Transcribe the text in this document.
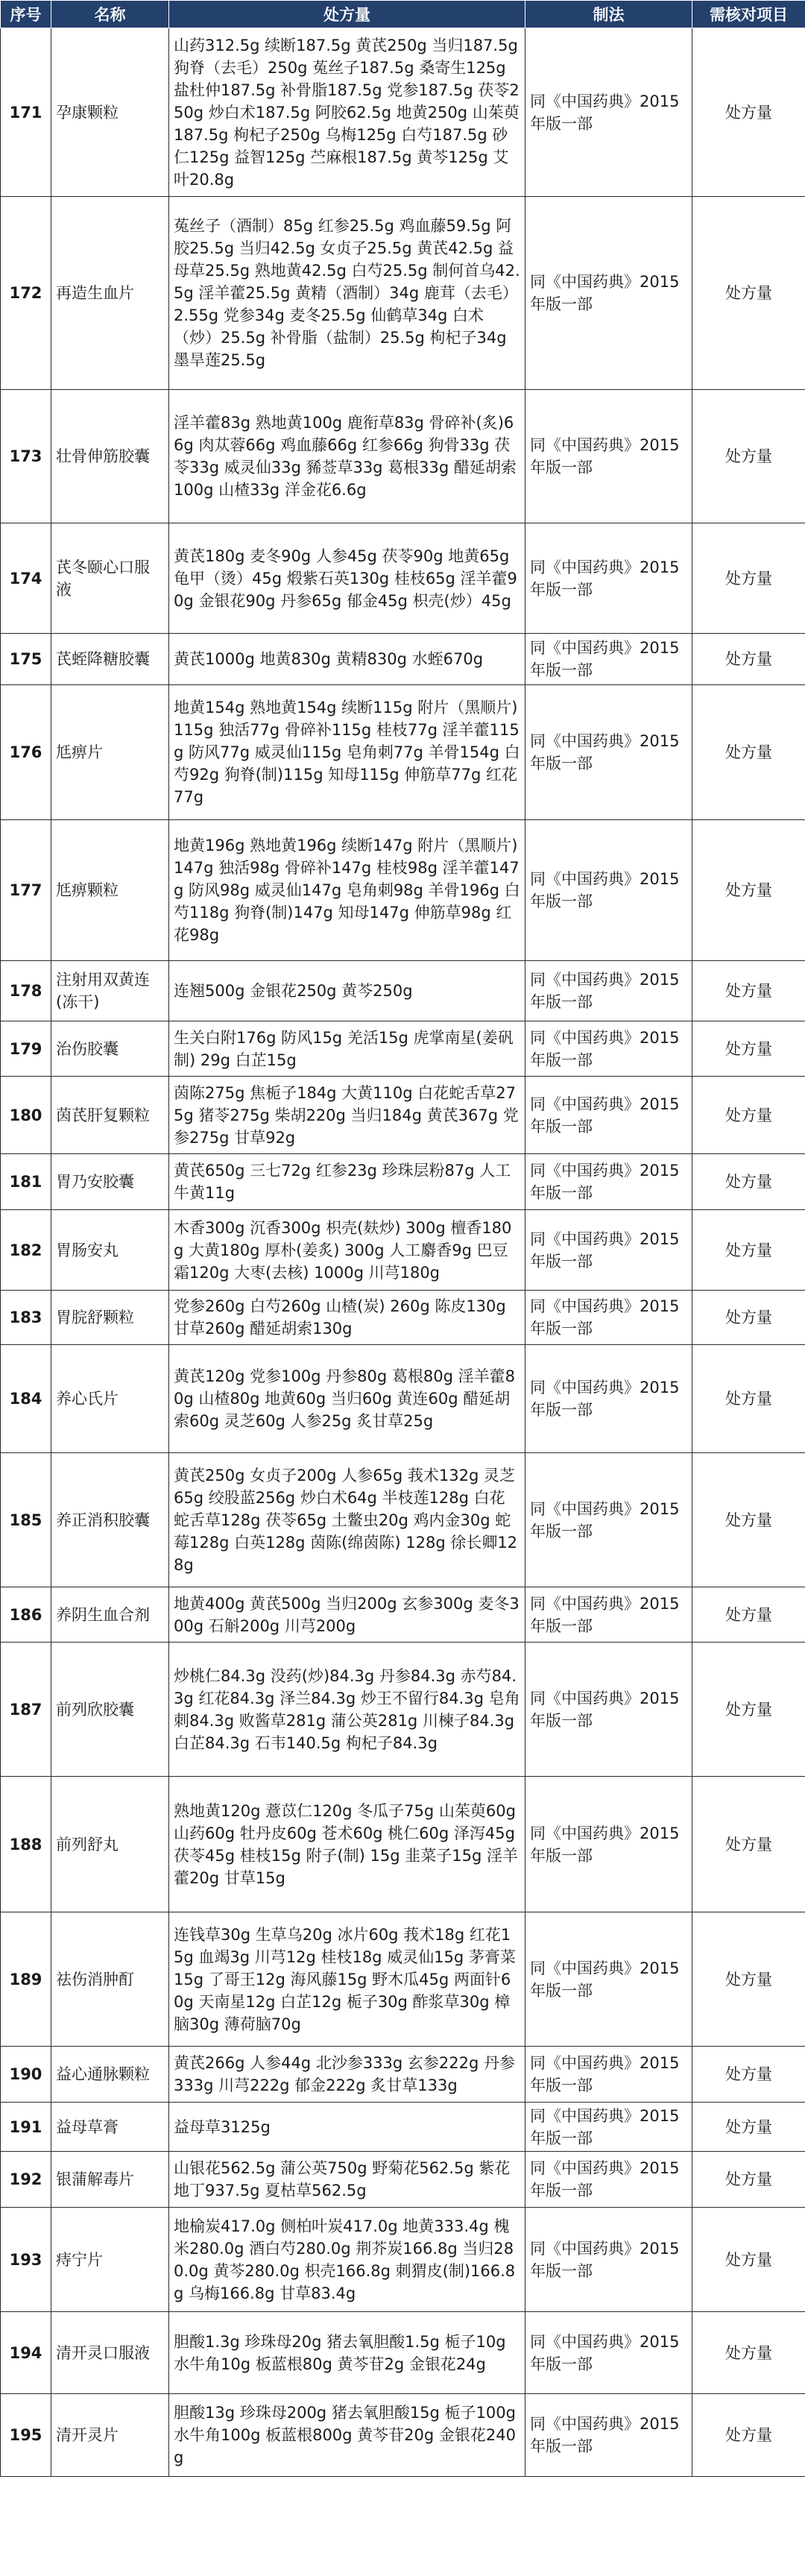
序号	名称	处方量	制法	需核对项目
171	孕康颗粒	山药312.5g 续断187.5g 黄芪250g 当归187.5g 狗脊（去毛）250g 菟丝子187.5g 桑寄生125g 盐杜仲187.5g 补骨脂187.5g 党参187.5g 茯苓250g 炒白术187.5g 阿胶62.5g 地黄250g 山茱萸187.5g 枸杞子250g 乌梅125g 白芍187.5g 砂仁125g 益智125g 苎麻根187.5g 黄芩125g 艾叶20.8g	同《中国药典》2015年版一部	处方量
172	再造生血片	菟丝子（酒制）85g 红参25.5g 鸡血藤59.5g 阿胶25.5g 当归42.5g 女贞子25.5g 黄芪42.5g 益母草25.5g 熟地黄42.5g 白芍25.5g 制何首乌42.5g 淫羊藿25.5g 黄精（酒制）34g 鹿茸（去毛）2.55g 党参34g 麦冬25.5g 仙鹤草34g 白术（炒）25.5g 补骨脂（盐制）25.5g 枸杞子34g 墨旱莲25.5g	同《中国药典》2015年版一部	处方量
173	壮骨伸筋胶囊	淫羊藿83g 熟地黄100g 鹿衔草83g 骨碎补(炙)66g 肉苁蓉66g 鸡血藤66g 红参66g 狗骨33g 茯苓33g 威灵仙33g 豨莶草33g 葛根33g 醋延胡索100g 山楂33g 洋金花6.6g	同《中国药典》2015年版一部	处方量
174	芪冬颐心口服液	黄芪180g 麦冬90g 人参45g 茯苓90g 地黄65g 龟甲（烫）45g 煅紫石英130g 桂枝65g 淫羊藿90g 金银花90g 丹参65g 郁金45g 枳壳(炒）45g	同《中国药典》2015年版一部	处方量
175	芪蛭降糖胶囊	黄芪1000g 地黄830g 黄精830g 水蛭670g	同《中国药典》2015年版一部	处方量
176	尪痹片	地黄154g 熟地黄154g 续断115g 附片（黑顺片)115g 独活77g 骨碎补115g 桂枝77g 淫羊藿115g 防风77g 威灵仙115g 皂角刺77g 羊骨154g 白芍92g 狗脊(制)115g 知母115g 伸筋草77g 红花77g	同《中国药典》2015年版一部	处方量
177	尪痹颗粒	地黄196g 熟地黄196g 续断147g 附片（黑顺片)147g 独活98g 骨碎补147g 桂枝98g 淫羊藿147g 防风98g 威灵仙147g 皂角刺98g 羊骨196g 白芍118g 狗脊(制)147g 知母147g 伸筋草98g 红花98g	同《中国药典》2015年版一部	处方量
178	注射用双黄连(冻干)	连翘500g 金银花250g 黄芩250g	同《中国药典》2015年版一部	处方量
179	治伤胶囊	生关白附176g 防风15g 羌活15g 虎掌南星(姜矾制) 29g 白芷15g	同《中国药典》2015年版一部	处方量
180	茵芪肝复颗粒	茵陈275g 焦栀子184g 大黄110g 白花蛇舌草275g 猪苓275g 柴胡220g 当归184g 黄芪367g 党参275g 甘草92g	同《中国药典》2015年版一部	处方量
181	胃乃安胶囊	黄芪650g 三七72g 红参23g 珍珠层粉87g 人工牛黄11g	同《中国药典》2015年版一部	处方量
182	胃肠安丸	木香300g 沉香300g 枳壳(麸炒) 300g 檀香180g 大黄180g 厚朴(姜炙) 300g 人工麝香9g 巴豆霜120g 大枣(去核) 1000g 川芎180g	同《中国药典》2015年版一部	处方量
183	胃脘舒颗粒	党参260g 白芍260g 山楂(炭) 260g 陈皮130g 甘草260g 醋延胡索130g	同《中国药典》2015年版一部	处方量
184	养心氏片	黄芪120g 党参100g 丹参80g 葛根80g 淫羊藿80g 山楂80g 地黄60g 当归60g 黄连60g 醋延胡索60g 灵芝60g 人参25g 炙甘草25g	同《中国药典》2015年版一部	处方量
185	养正消积胶囊	黄芪250g 女贞子200g 人参65g 莪术132g 灵芝65g 绞股蓝256g 炒白术64g 半枝莲128g 白花蛇舌草128g 茯苓65g 土鳖虫20g 鸡内金30g 蛇莓128g 白英128g 茵陈(绵茵陈) 128g 徐长卿128g	同《中国药典》2015年版一部	处方量
186	养阴生血合剂	地黄400g 黄芪500g 当归200g 玄参300g 麦冬300g 石斛200g 川芎200g	同《中国药典》2015年版一部	处方量
187	前列欣胶囊	炒桃仁84.3g 没药(炒)84.3g 丹参84.3g 赤芍84.3g 红花84.3g 泽兰84.3g 炒王不留行84.3g 皂角刺84.3g 败酱草281g 蒲公英281g 川楝子84.3g 白芷84.3g 石韦140.5g 枸杞子84.3g	同《中国药典》2015年版一部	处方量
188	前列舒丸	熟地黄120g 薏苡仁120g 冬瓜子75g 山茱萸60g 山药60g 牡丹皮60g 苍术60g 桃仁60g 泽泻45g 茯苓45g 桂枝15g 附子(制) 15g 韭菜子15g 淫羊藿20g 甘草15g	同《中国药典》2015年版一部	处方量
189	祛伤消肿酊	连钱草30g 生草乌20g 冰片60g 莪术18g 红花15g 血竭3g 川芎12g 桂枝18g 威灵仙15g 茅膏菜15g 了哥王12g 海风藤15g 野木瓜45g 两面针60g 天南星12g 白芷12g 栀子30g 酢浆草30g 樟脑30g 薄荷脑70g	同《中国药典》2015年版一部	处方量
190	益心通脉颗粒	黄芪266g 人参44g 北沙参333g 玄参222g 丹参333g 川芎222g 郁金222g 炙甘草133g	同《中国药典》2015年版一部	处方量
191	益母草膏	益母草3125g	同《中国药典》2015年版一部	处方量
192	银蒲解毒片	山银花562.5g 蒲公英750g 野菊花562.5g 紫花地丁937.5g 夏枯草562.5g	同《中国药典》2015年版一部	处方量
193	痔宁片	地榆炭417.0g 侧柏叶炭417.0g 地黄333.4g 槐米280.0g 酒白芍280.0g 荆芥炭166.8g 当归280.0g 黄芩280.0g 枳壳166.8g 刺猬皮(制)166.8g 乌梅166.8g 甘草83.4g	同《中国药典》2015年版一部	处方量
194	清开灵口服液	胆酸1.3g 珍珠母20g 猪去氧胆酸1.5g 栀子10g 水牛角10g 板蓝根80g 黄芩苷2g 金银花24g	同《中国药典》2015年版一部	处方量
195	清开灵片	胆酸13g 珍珠母200g 猪去氧胆酸15g 栀子100g 水牛角100g 板蓝根800g 黄芩苷20g 金银花240g	同《中国药典》2015年版一部	处方量
